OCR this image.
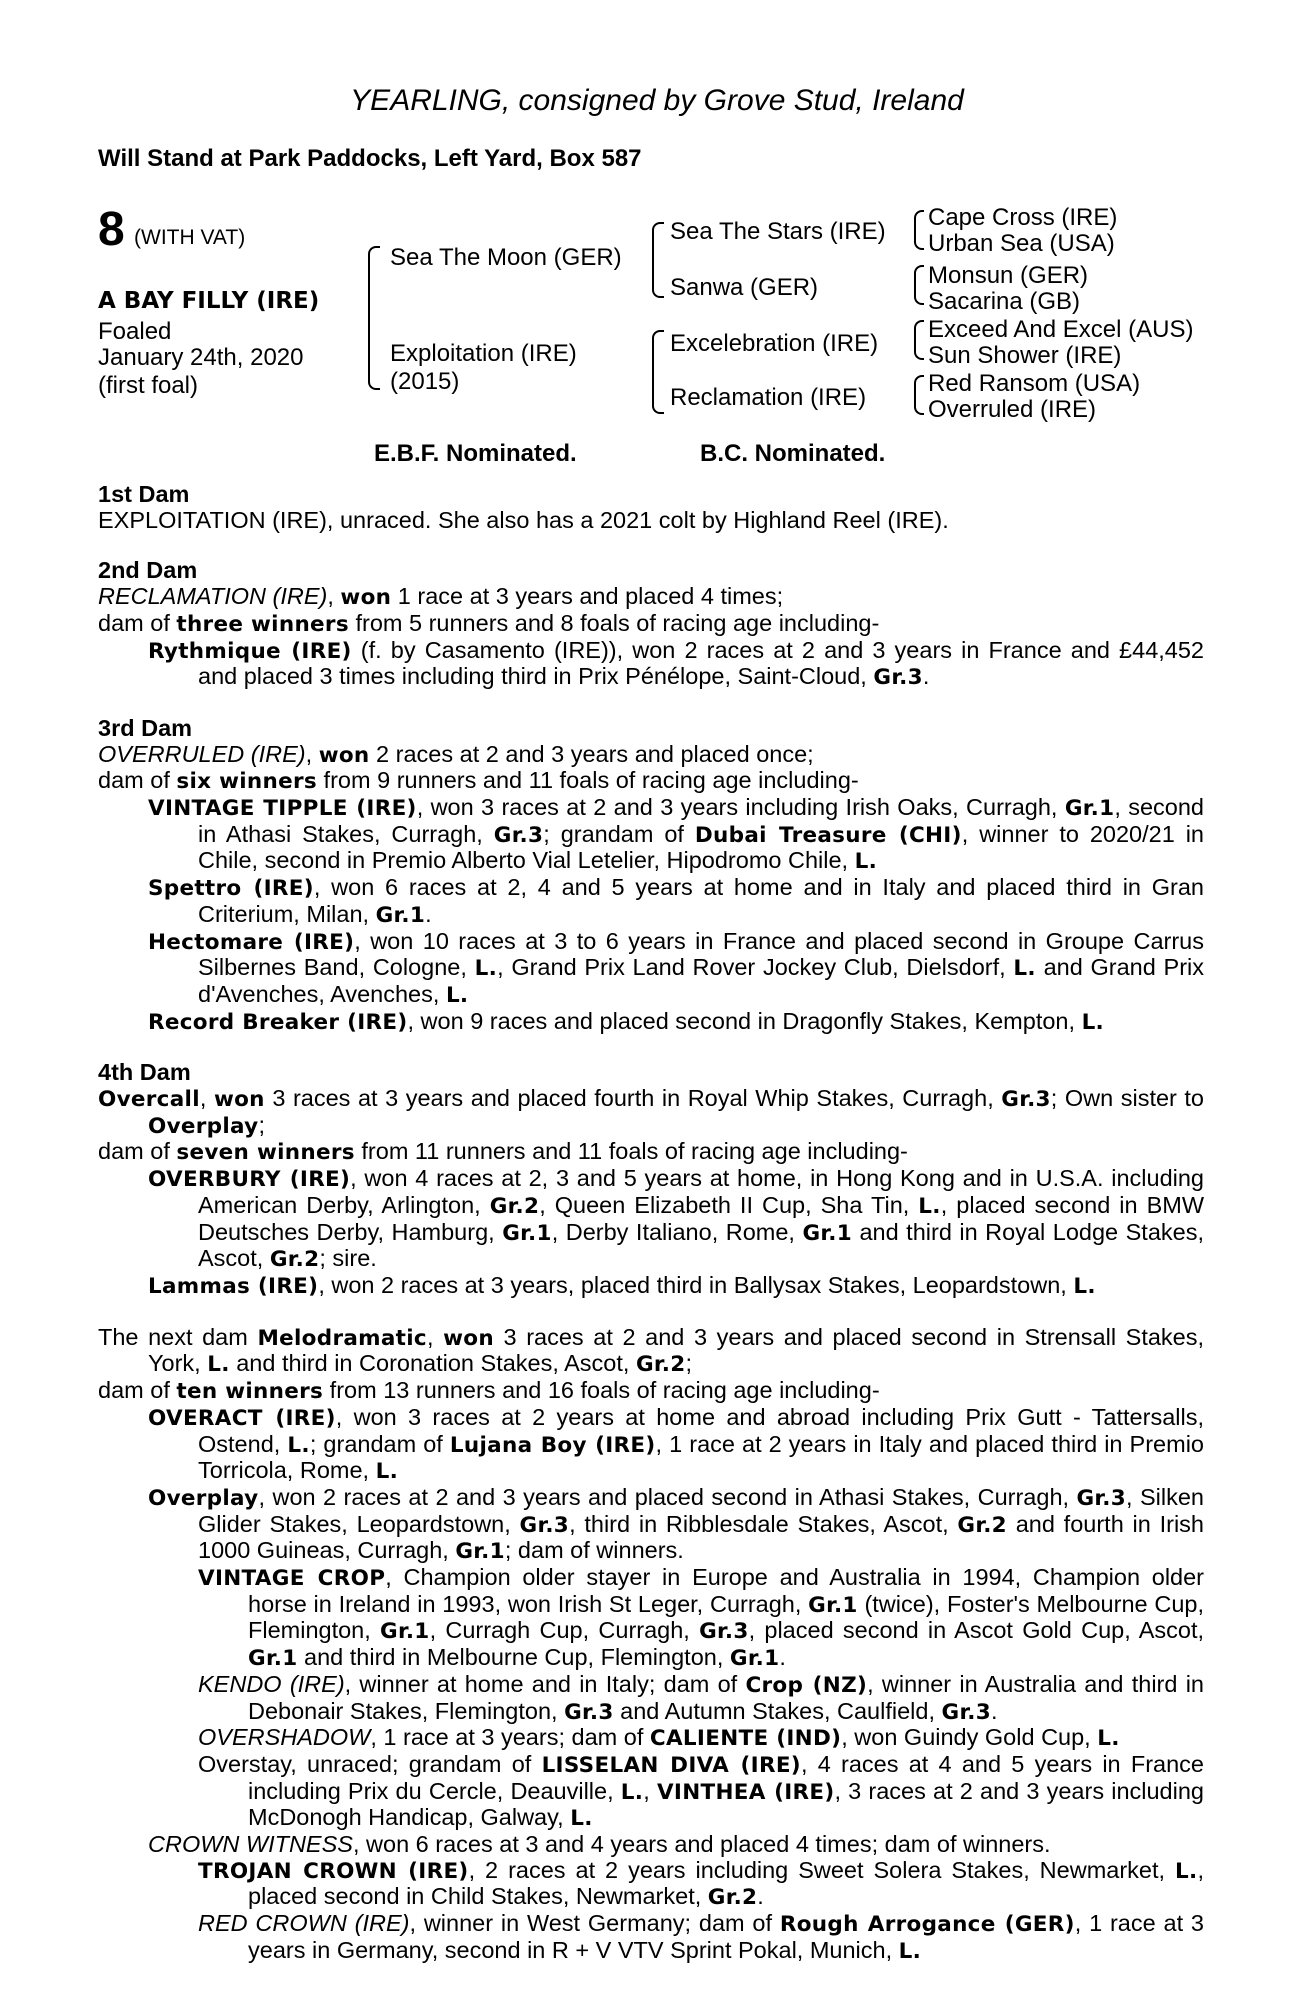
YEARLING, consigned by Grove Stud, Ireland
Will Stand at Park Paddocks, Left Yard, Box 587
8 (WITH VAT)
A BAY FILLY (IRE)
Foaled
January 24th, 2020
(first foal)
Sea The Moon (GER)
Exploitation (IRE)
(2015)
Sea The Stars (IRE)
Sanwa (GER)
Excelebration (IRE)
Reclamation (IRE)
Cape Cross (IRE)
Urban Sea (USA)
Monsun (GER)
Sacarina (GB)
Exceed And Excel (AUS)
Sun Shower (IRE)
Red Ransom (USA)
Overruled (IRE)
E.B.F. Nominated.	B.C. Nominated.

1st Dam

EXPLOITATION (IRE), unraced. She also has a 2021 colt by Highland Reel (IRE).

2nd Dam

RECLAMATION (IRE), won 1 race at 3 years and placed 4 times;

dam of three winners from 5 runners and 8 foals of racing age including-

Rythmique (IRE) (f. by Casamento (IRE)), won 2 races at 2 and 3 years in France and £44,452 and placed 3 times including third in Prix Pénélope, Saint-Cloud, Gr.3.

3rd Dam

OVERRULED (IRE), won 2 races at 2 and 3 years and placed once;

dam of six winners from 9 runners and 11 foals of racing age including-

VINTAGE TIPPLE (IRE), won 3 races at 2 and 3 years including Irish Oaks, Curragh, Gr.1, second in Athasi Stakes, Curragh, Gr.3; grandam of Dubai Treasure (CHI), winner to 2020/21 in Chile, second in Premio Alberto Vial Letelier, Hipodromo Chile, L.

Spettro (IRE), won 6 races at 2, 4 and 5 years at home and in Italy and placed third in Gran Criterium, Milan, Gr.1.

Hectomare (IRE), won 10 races at 3 to 6 years in France and placed second in Groupe Carrus Silbernes Band, Cologne, L., Grand Prix Land Rover Jockey Club, Dielsdorf, L. and Grand Prix d'Avenches, Avenches, L.

Record Breaker (IRE), won 9 races and placed second in Dragonfly Stakes, Kempton, L.

4th Dam

Overcall, won 3 races at 3 years and placed fourth in Royal Whip Stakes, Curragh, Gr.3; Own sister to Overplay;

dam of seven winners from 11 runners and 11 foals of racing age including-

OVERBURY (IRE), won 4 races at 2, 3 and 5 years at home, in Hong Kong and in U.S.A. including American Derby, Arlington, Gr.2, Queen Elizabeth II Cup, Sha Tin, L., placed second in BMW Deutsches Derby, Hamburg, Gr.1, Derby Italiano, Rome, Gr.1 and third in Royal Lodge Stakes, Ascot, Gr.2; sire.

Lammas (IRE), won 2 races at 3 years, placed third in Ballysax Stakes, Leopardstown, L.

The next dam Melodramatic, won 3 races at 2 and 3 years and placed second in Strensall Stakes, York, L. and third in Coronation Stakes, Ascot, Gr.2;

dam of ten winners from 13 runners and 16 foals of racing age including-

OVERACT (IRE), won 3 races at 2 years at home and abroad including Prix Gutt - Tattersalls, Ostend, L.; grandam of Lujana Boy (IRE), 1 race at 2 years in Italy and placed third in Premio Torricola, Rome, L.

Overplay, won 2 races at 2 and 3 years and placed second in Athasi Stakes, Curragh, Gr.3, Silken Glider Stakes, Leopardstown, Gr.3, third in Ribblesdale Stakes, Ascot, Gr.2 and fourth in Irish 1000 Guineas, Curragh, Gr.1; dam of winners.

VINTAGE CROP, Champion older stayer in Europe and Australia in 1994, Champion older horse in Ireland in 1993, won Irish St Leger, Curragh, Gr.1 (twice), Foster's Melbourne Cup, Flemington, Gr.1, Curragh Cup, Curragh, Gr.3, placed second in Ascot Gold Cup, Ascot, Gr.1 and third in Melbourne Cup, Flemington, Gr.1.

KENDO (IRE), winner at home and in Italy; dam of Crop (NZ), winner in Australia and third in Debonair Stakes, Flemington, Gr.3 and Autumn Stakes, Caulfield, Gr.3.

OVERSHADOW, 1 race at 3 years; dam of CALIENTE (IND), won Guindy Gold Cup, L.

Overstay, unraced; grandam of LISSELAN DIVA (IRE), 4 races at 4 and 5 years in France including Prix du Cercle, Deauville, L., VINTHEA (IRE), 3 races at 2 and 3 years including McDonogh Handicap, Galway, L.

CROWN WITNESS, won 6 races at 3 and 4 years and placed 4 times; dam of winners.

TROJAN CROWN (IRE), 2 races at 2 years including Sweet Solera Stakes, Newmarket, L., placed second in Child Stakes, Newmarket, Gr.2.

RED CROWN (IRE), winner in West Germany; dam of Rough Arrogance (GER), 1 race at 3 years in Germany, second in R + V VTV Sprint Pokal, Munich, L.
